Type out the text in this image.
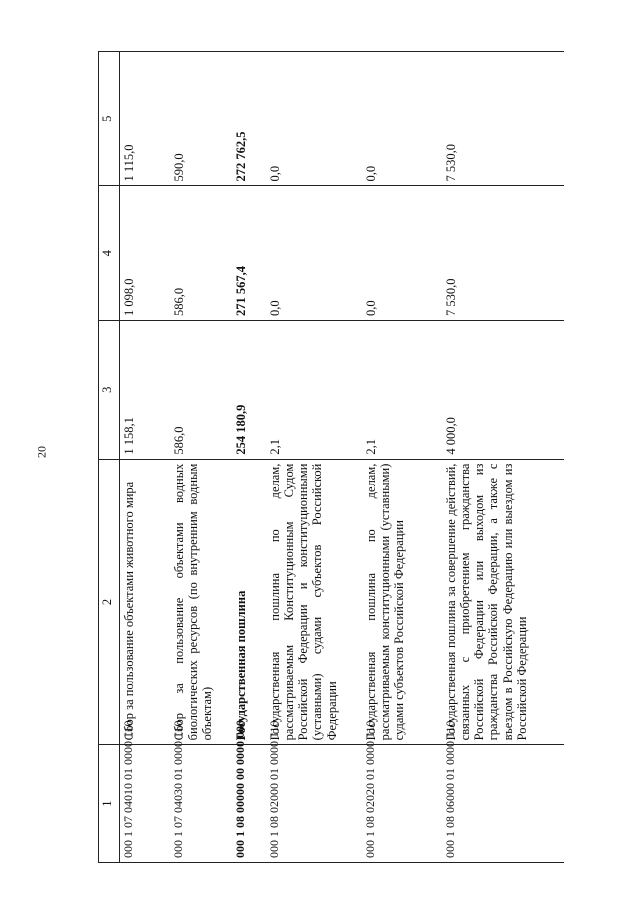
20
1	2	3	4	5
000 1 07 04010 01 0000 110	Сбор за пользование объектами животного мира	1 158,1	1 098,0	1 115,0
000 1 07 04030 01 0000 110	Сбор за пользование объектами водных биологических ресурсов (по внутренним водным объектам)	586,0	586,0	590,0
000 1 08 00000 00 0000 000	Государственная пошлина	254 180,9	271 567,4	272 762,5
000 1 08 02000 01 0000 110	Государственная пошлина по делам, рассматриваемым Конституционным Судом Российской Федерации и конституционными (уставными) судами субъектов Российской Федерации	2,1	0,0	0,0
000 1 08 02020 01 0000 110	Государственная пошлина по делам, рассматриваемым конституционными (уставными) судами субъектов Российской Федерации	2,1	0,0	0,0
000 1 08 06000 01 0000 110	Государственная пошлина за совершение действий, связанных с приобретением гражданства Российской Федерации или выходом из гражданства Российской Федерации, а также с въездом в Российскую Федерацию или выездом из Российской Федерации	4 000,0	7 530,0	7 530,0
